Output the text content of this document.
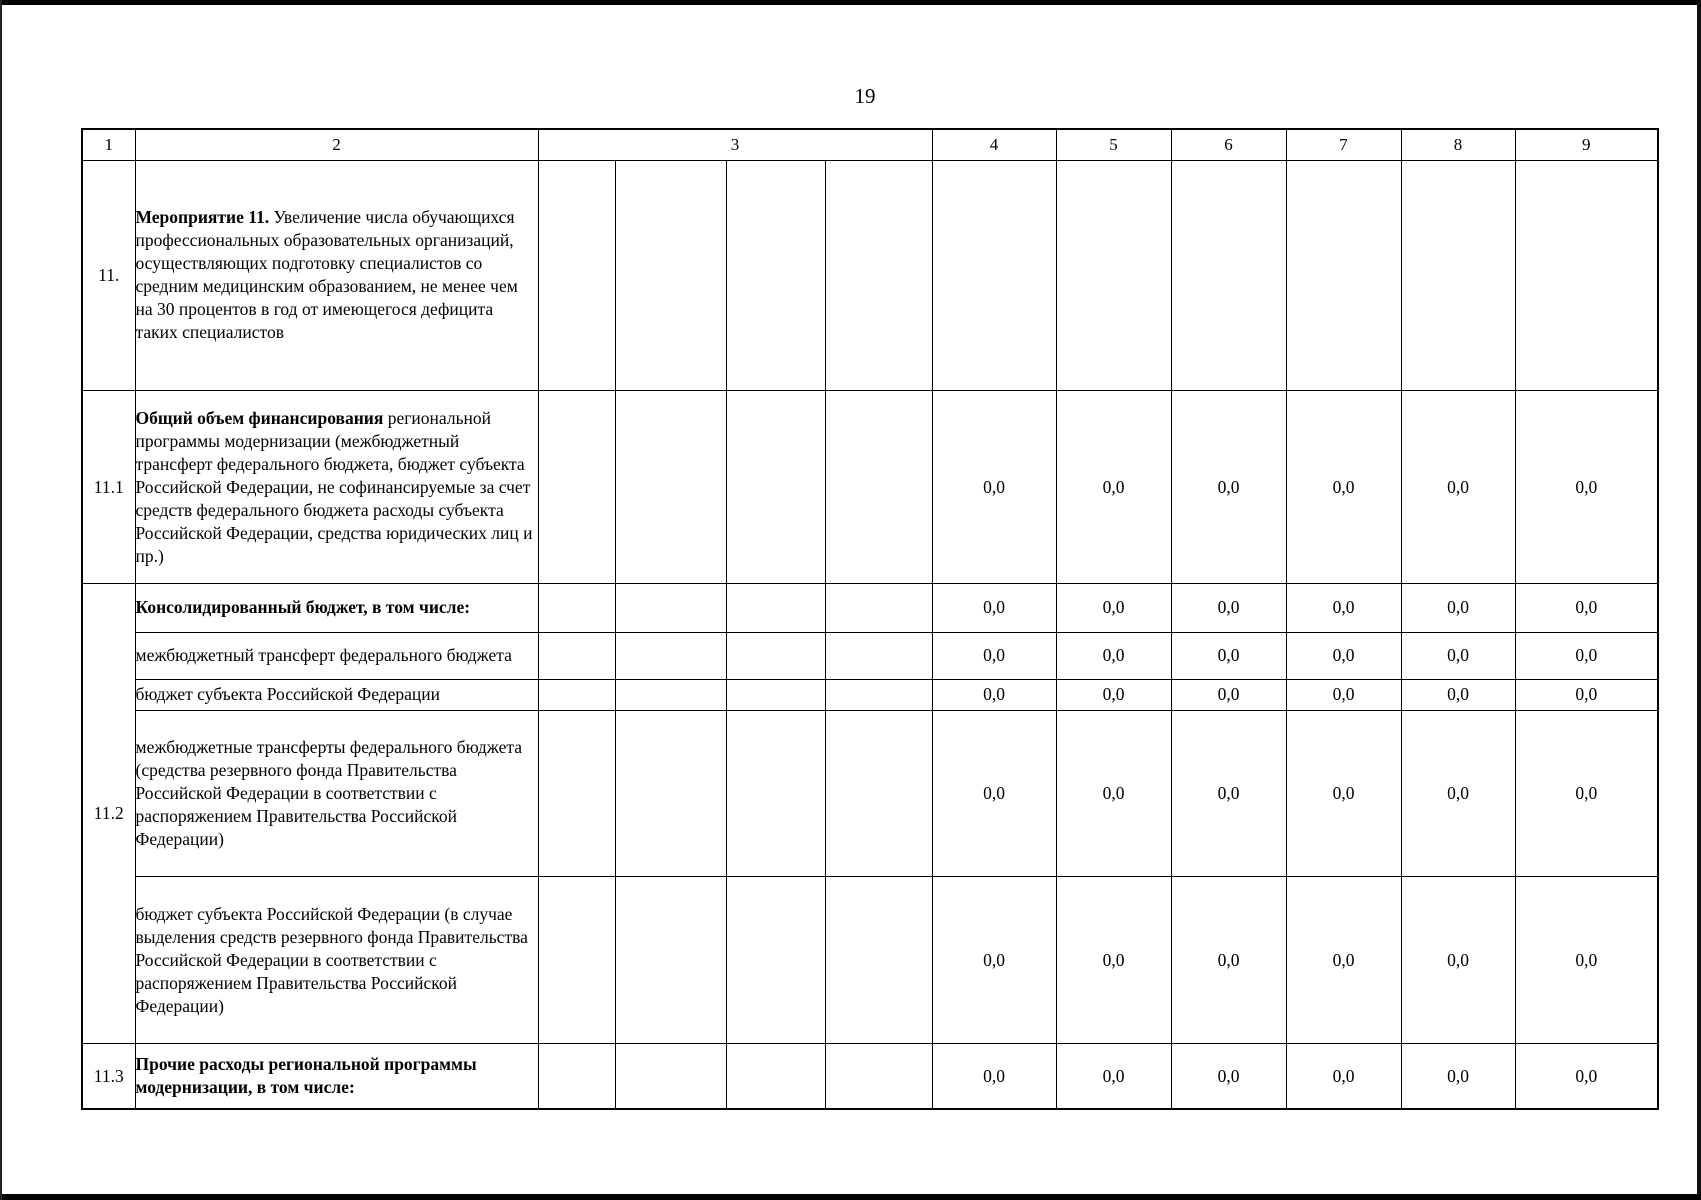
19
1	2	3				4	5	6	7	8	9
11.	Мероприятие 11. Увеличение числа обучающихся профессиональных образовательных организаций, осуществляющих подготовку специалистов со средним медицинским образованием, не менее чем на 30 процентов в год от имеющегося дефицита таких специалистов										
11.1	Общий объем финансирования региональной программы модернизации (межбюджетный трансферт федерального бюджета, бюджет субъекта Российской Федерации, не софинансируемые за счет средств федерального бюджета расходы субъекта Российской Федерации, средства юридических лиц и пр.)					0,0	0,0	0,0	0,0	0,0	0,0
11.2	Консолидированный бюджет, в том числе:					0,0	0,0	0,0	0,0	0,0	0,0
	межбюджетный трансферт федерального бюджета					0,0	0,0	0,0	0,0	0,0	0,0
	бюджет субъекта Российской Федерации					0,0	0,0	0,0	0,0	0,0	0,0
	межбюджетные трансферты федерального бюджета (средства резервного фонда Правительства Российской Федерации в соответствии с распоряжением Правительства Российской Федерации)					0,0	0,0	0,0	0,0	0,0	0,0
	бюджет субъекта Российской Федерации (в случае выделения средств резервного фонда Правительства Российской Федерации в соответствии с распоряжением Правительства Российской Федерации)					0,0	0,0	0,0	0,0	0,0	0,0
11.3	Прочие расходы региональной программы модернизации, в том числе:					0,0	0,0	0,0	0,0	0,0	0,0
